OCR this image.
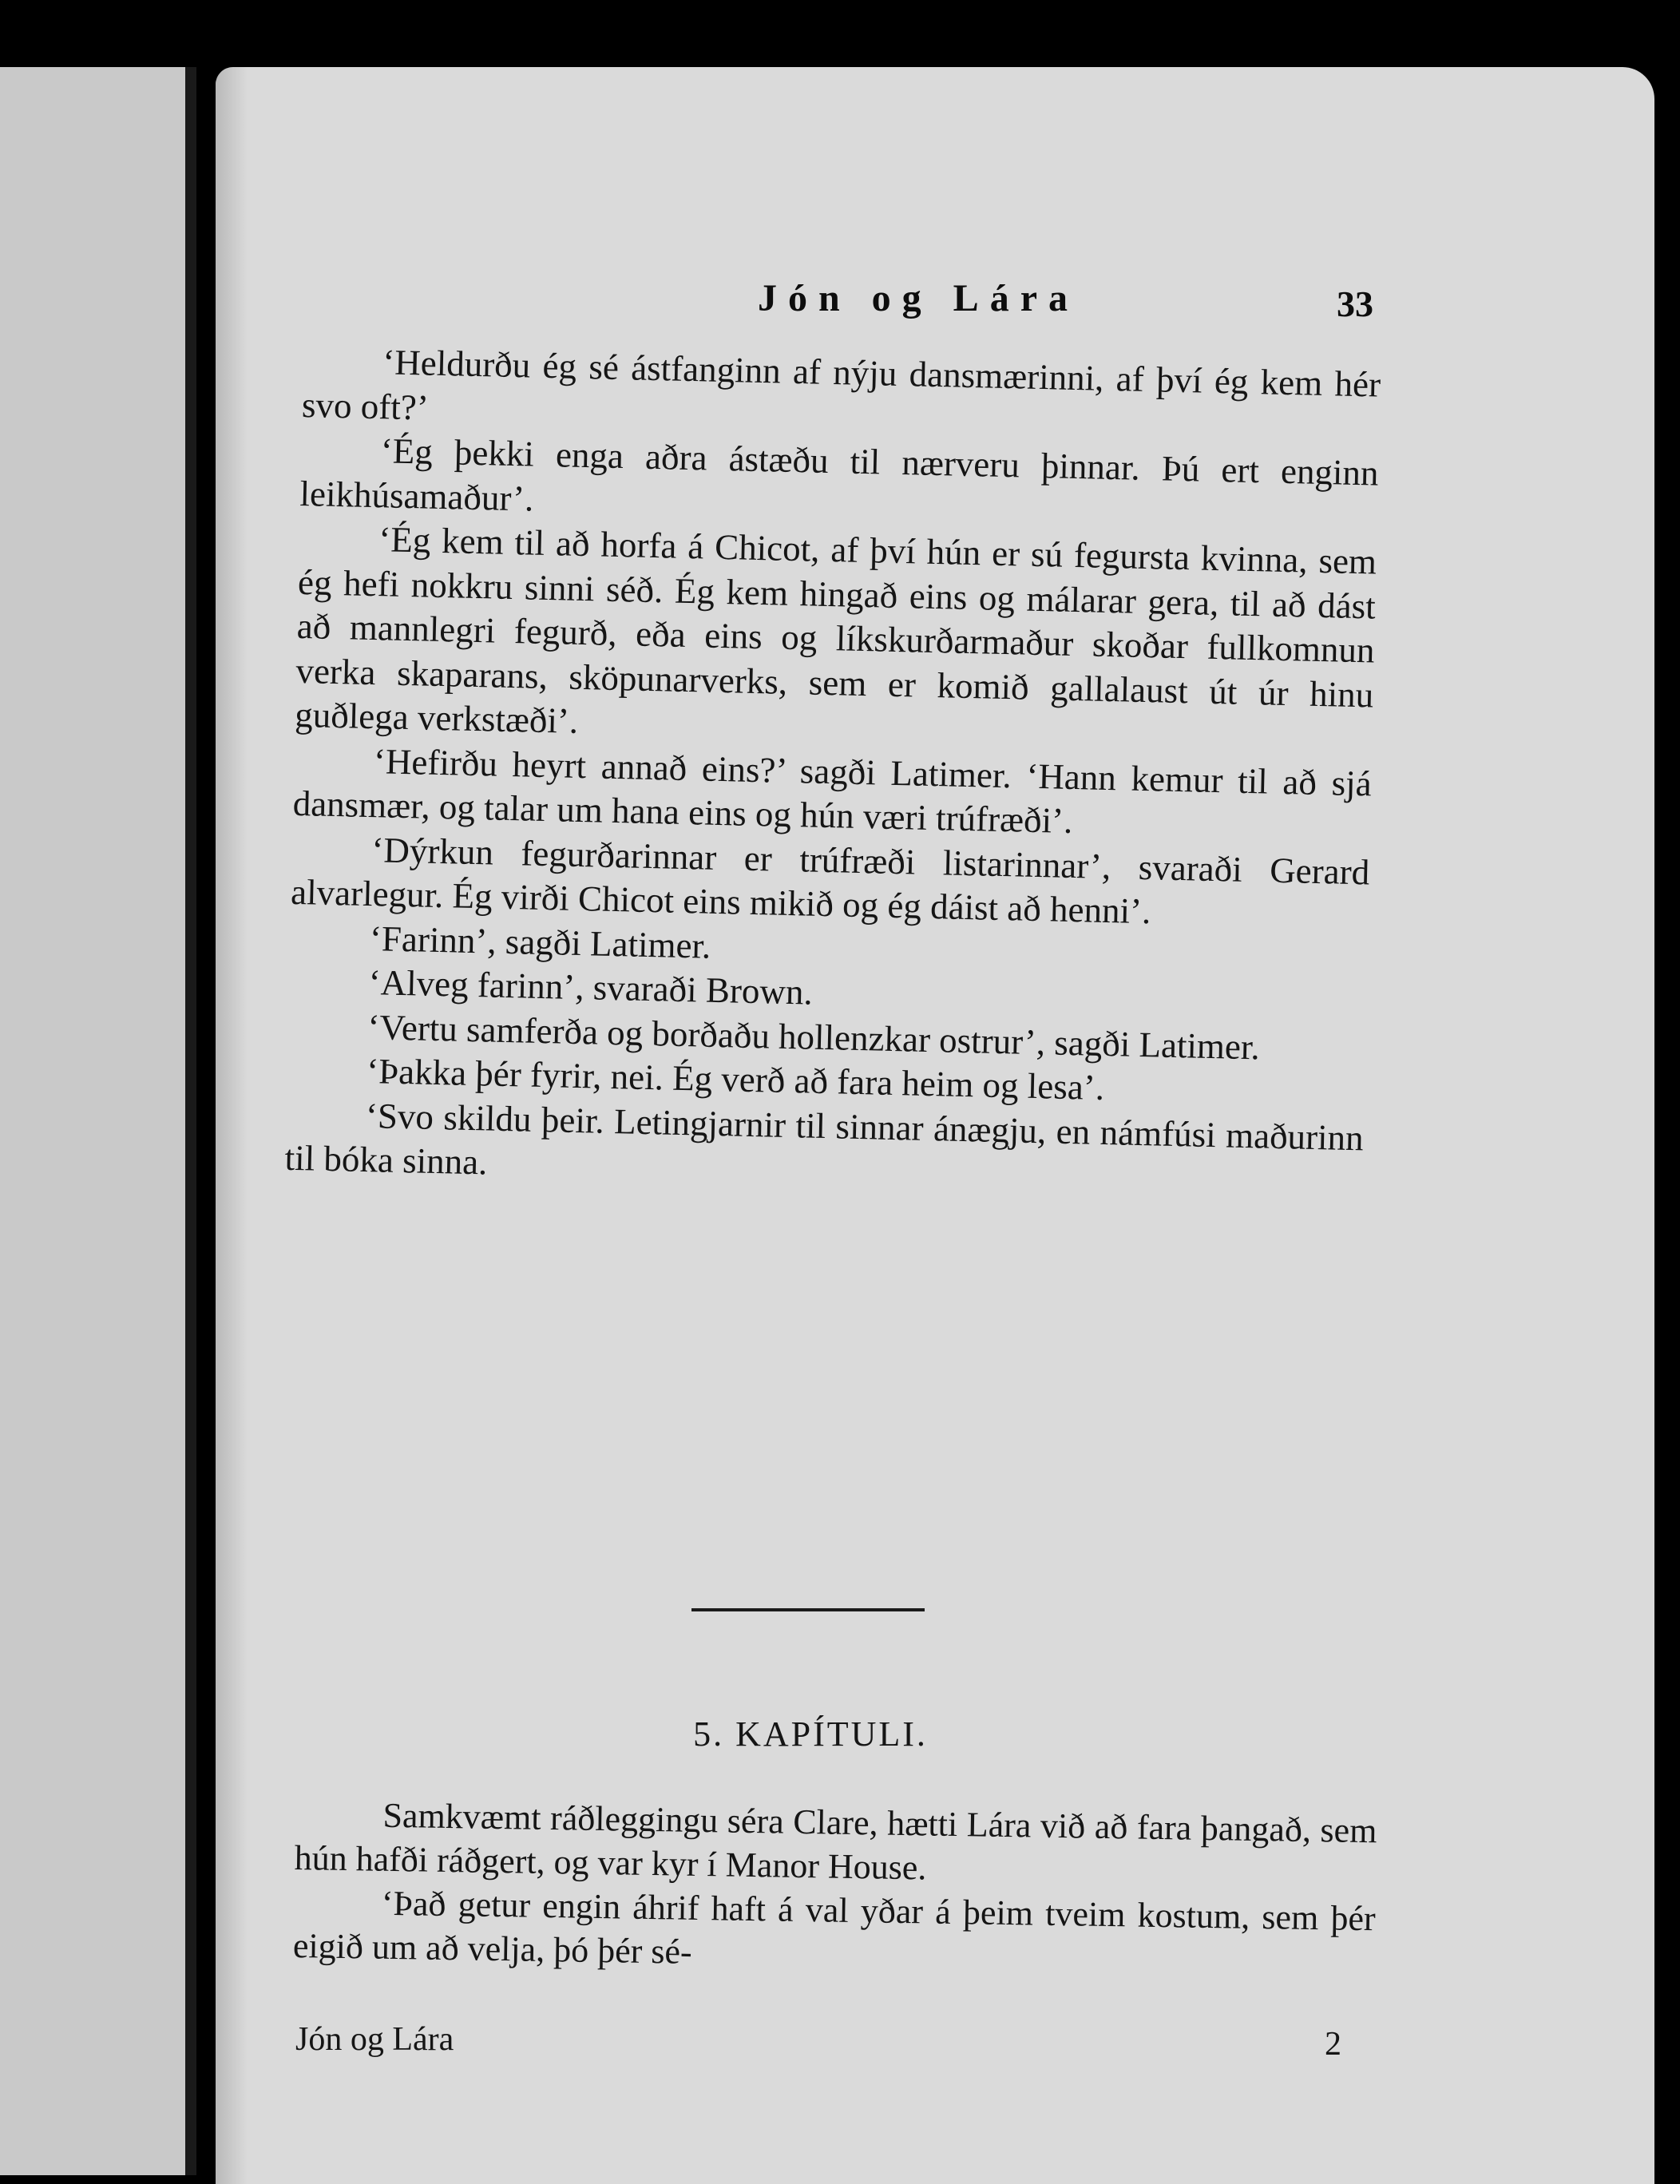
Jón og Lára	33

‘Heldurðu ég sé ástfanginn af nýju dansmærinni, af því ég kem hér svo oft?’

‘Ég þekki enga aðra ástæðu til nærveru þinnar. Þú ert enginn leikhúsamaður’.

‘Ég kem til að horfa á Chicot, af því hún er sú fegursta kvinna, sem ég hefi nokkru sinni séð. Ég kem hingað eins og málarar gera, til að dást að mannlegri fegurð, eða eins og líkskurðarmaður skoðar fullkomnun verka skaparans, sköpunarverks, sem er komið gallalaust út úr hinu guðlega verkstæði’.

‘Hefirðu heyrt annað eins?’ sagði Latimer. ‘Hann kemur til að sjá dansmær, og talar um hana eins og hún væri trúfræði’.

‘Dýrkun fegurðarinnar er trúfræði listarinnar’, svaraði Gerard alvarlegur. Ég virði Chicot eins mikið og ég dáist að henni’.

‘Farinn’, sagði Latimer.

‘Alveg farinn’, svaraði Brown.

‘Vertu samferða og borðaðu hollenzkar ostrur’, sagði Latimer.

‘Þakka þér fyrir, nei. Ég verð að fara heim og lesa’.

‘Svo skildu þeir. Letingjarnir til sinnar ánægju, en námfúsi maðurinn til bóka sinna.

5. KAPÍTULI.

Samkvæmt ráðleggingu séra Clare, hætti Lára við að fara þangað, sem hún hafði ráðgert, og var kyr í Manor House.

‘Það getur engin áhrif haft á val yðar á þeim tveim kostum, sem þér eigið um að velja, þó þér sé-

Jón og Lára	2
